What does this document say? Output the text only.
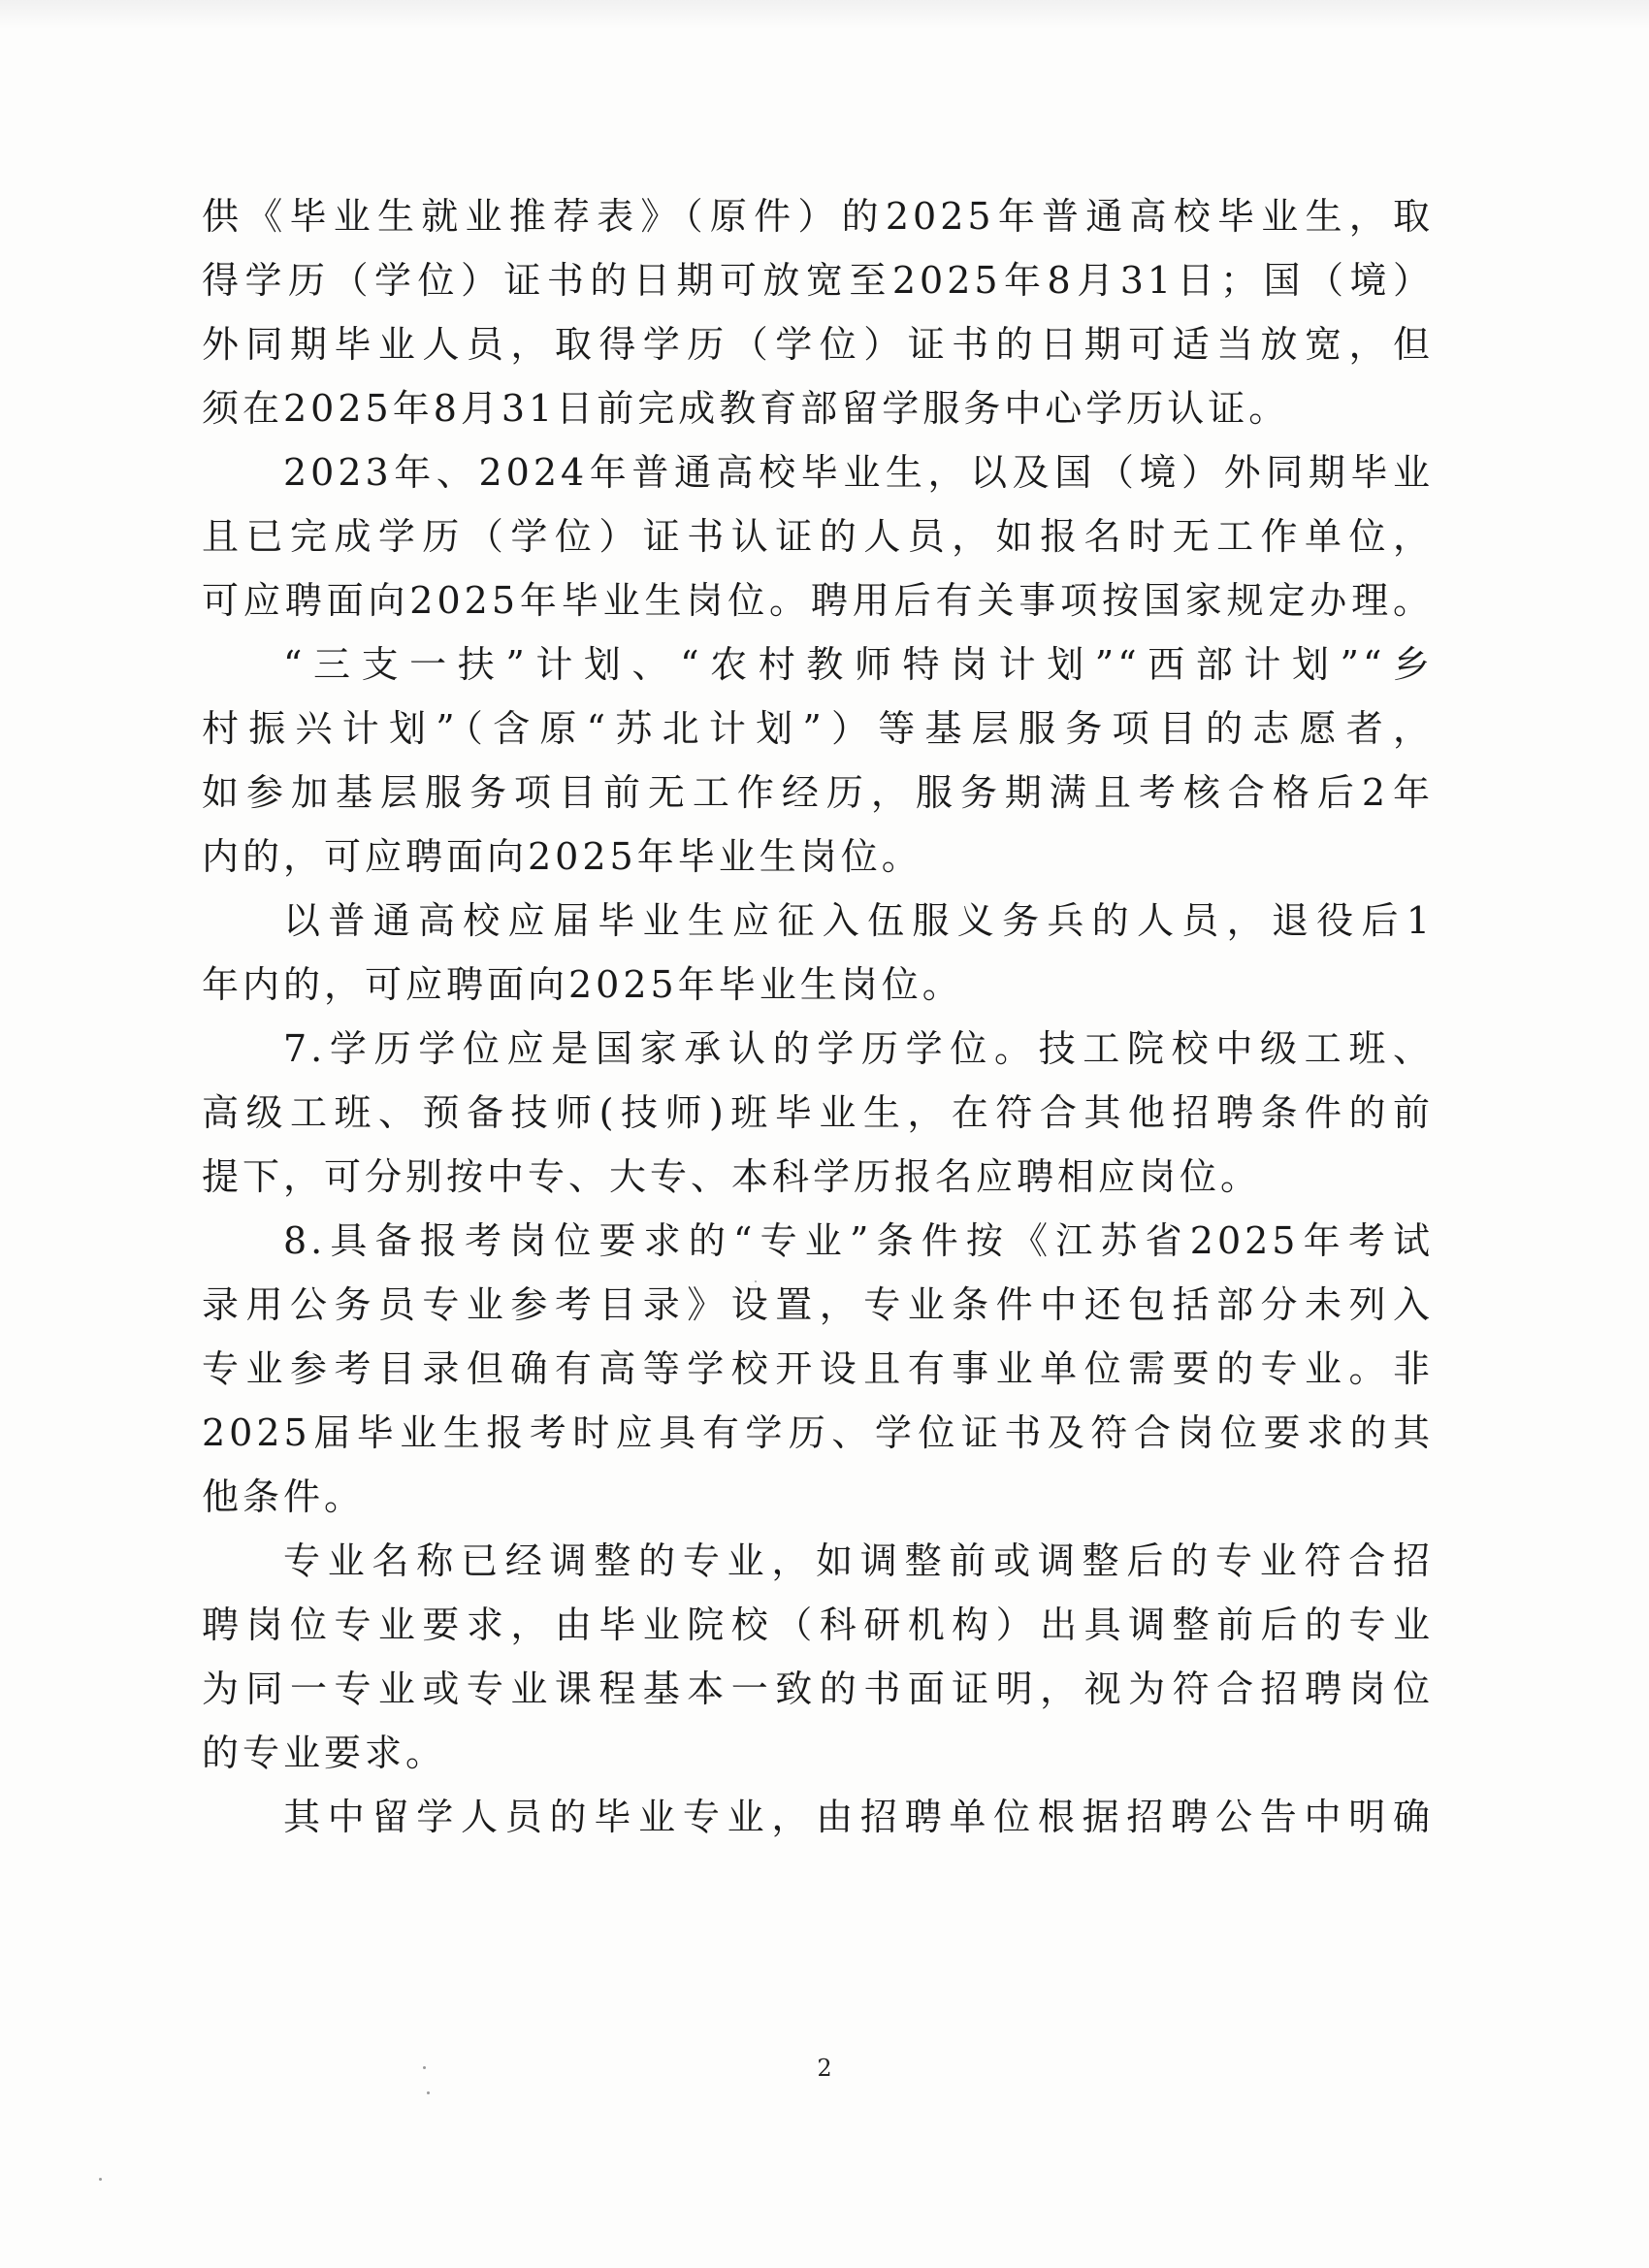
供《毕业生就业推荐表》（原件）的2025年普通高校毕业生，取
得学历（学位）证书的日期可放宽至2025年8月31日；国（境）
外同期毕业人员，取得学历（学位）证书的日期可适当放宽，但
须在2025年8月31日前完成教育部留学服务中心学历认证。
2023年、2024年普通高校毕业生，以及国（境）外同期毕业
且已完成学历（学位）证书认证的人员，如报名时无工作单位，
可应聘面向2025年毕业生岗位。聘用后有关事项按国家规定办理。
“三支一扶”计划、“农村教师特岗计划”“西部计划”“乡
村振兴计划”（含原“苏北计划”）等基层服务项目的志愿者，
如参加基层服务项目前无工作经历，服务期满且考核合格后2年
内的，可应聘面向2025年毕业生岗位。
以普通高校应届毕业生应征入伍服义务兵的人员，退役后1
年内的，可应聘面向2025年毕业生岗位。
7.学历学位应是国家承认的学历学位。技工院校中级工班、
高级工班、预备技师(技师)班毕业生，在符合其他招聘条件的前
提下，可分别按中专、大专、本科学历报名应聘相应岗位。
8.具备报考岗位要求的“专业”条件按《江苏省2025年考试
录用公务员专业参考目录》设置，专业条件中还包括部分未列入
专业参考目录但确有高等学校开设且有事业单位需要的专业。非
2025届毕业生报考时应具有学历、学位证书及符合岗位要求的其
他条件。
专业名称已经调整的专业，如调整前或调整后的专业符合招
聘岗位专业要求，由毕业院校（科研机构）出具调整前后的专业
为同一专业或专业课程基本一致的书面证明，视为符合招聘岗位
的专业要求。
其中留学人员的毕业专业，由招聘单位根据招聘公告中明确
2
